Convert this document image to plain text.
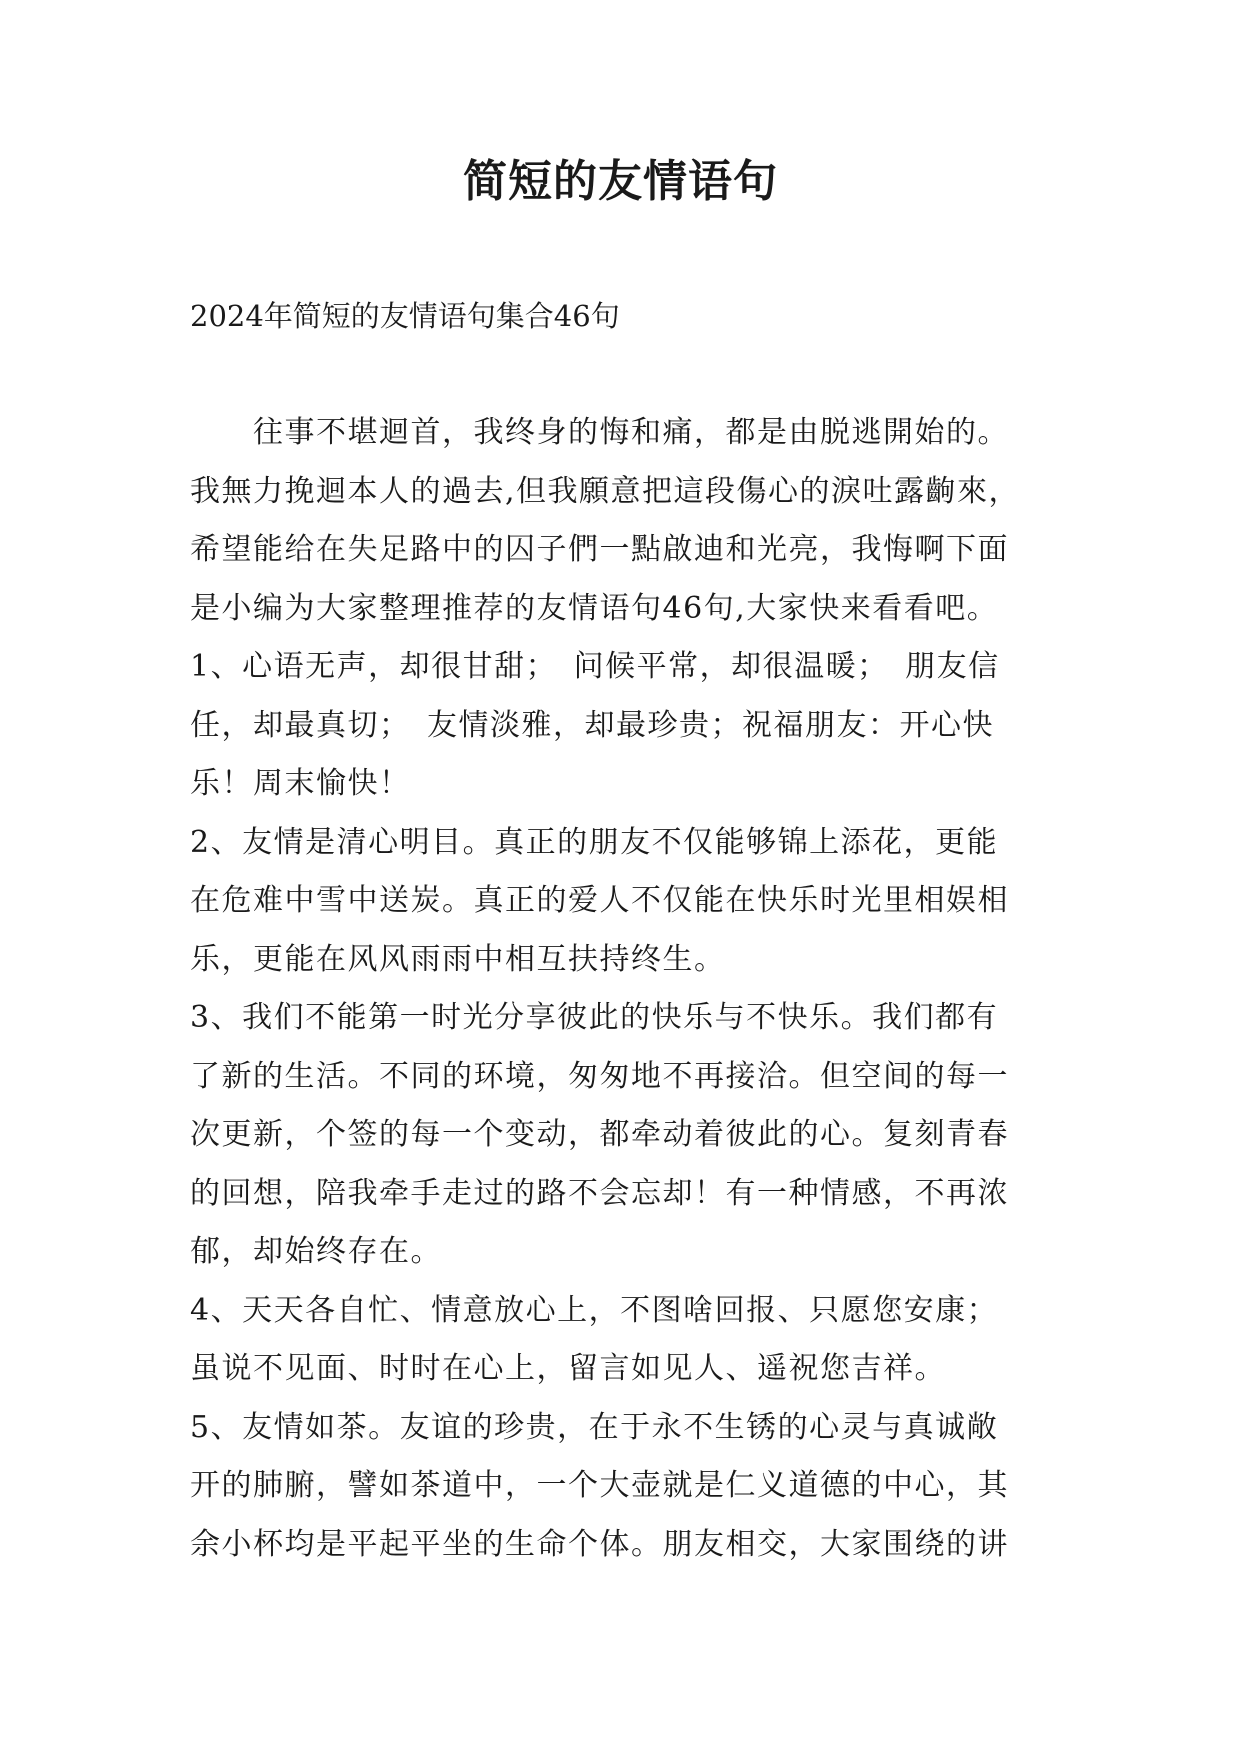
简短的友情语句
2024年简短的友情语句集合46句
　　往事不堪迴首，我终身的悔和痛，都是由脱逃開始的。
我無力挽迴本人的過去,但我願意把這段傷心的淚吐露齣來，
希望能给在失足路中的囚子們一點啟迪和光亮，我悔啊下面
是小编为大家整理推荐的友情语句46句,大家快来看看吧。
1、心语无声，却很甘甜；　问候平常，却很温暖；　朋友信
任，却最真切；　友情淡雅，却最珍贵；祝福朋友：开心快
乐！周末愉快！
2、友情是清心明目。真正的朋友不仅能够锦上添花，更能
在危难中雪中送炭。真正的爱人不仅能在快乐时光里相娱相
乐，更能在风风雨雨中相互扶持终生。
3、我们不能第一时光分享彼此的快乐与不快乐。我们都有
了新的生活。不同的环境，匆匆地不再接洽。但空间的每一
次更新，个签的每一个变动，都牵动着彼此的心。复刻青春
的回想，陪我牵手走过的路不会忘却！有一种情感，不再浓
郁，却始终存在。
4、天天各自忙、情意放心上，不图啥回报、只愿您安康；
虽说不见面、时时在心上，留言如见人、遥祝您吉祥。
5、友情如茶。友谊的珍贵，在于永不生锈的心灵与真诚敞
开的肺腑，譬如茶道中，一个大壶就是仁义道德的中心，其
余小杯均是平起平坐的生命个体。朋友相交，大家围绕的讲
